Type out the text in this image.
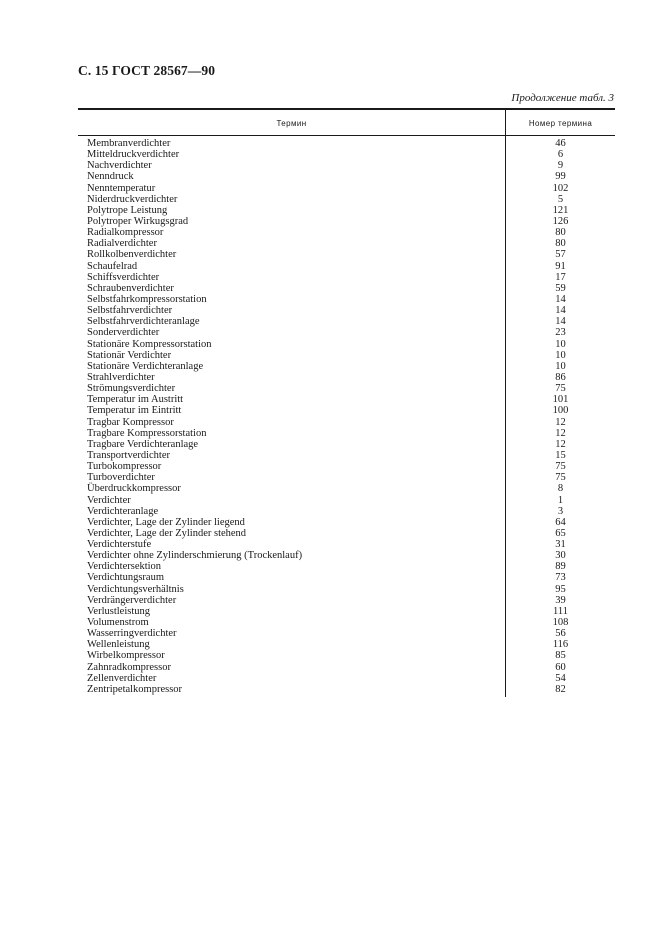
С. 15 ГОСТ 28567—90
Продолжение табл. 3
Термин	Номер термина
Membranverdichter	46
Mitteldruckverdichter	6
Nachverdichter	9
Nenndruck	99
Nenntemperatur	102
Niderdruckverdichter	5
Polytrope Leistung	121
Polytroper Wirkugsgrad	126
Radialkompressor	80
Radialverdichter	80
Rollkolbenverdichter	57
Schaufelrad	91
Schiffsverdichter	17
Schraubenverdichter	59
Selbstfahrkompressorstation	14
Selbstfahrverdichter	14
Selbstfahrverdichteranlage	14
Sonderverdichter	23
Stationäre Kompressorstation	10
Stationär Verdichter	10
Stationäre Verdichteranlage	10
Strahlverdichter	86
Strömungsverdichter	75
Temperatur im Austritt	101
Temperatur im Eintritt	100
Tragbar Kompressor	12
Tragbare Kompressorstation	12
Tragbare Verdichteranlage	12
Transportverdichter	15
Turbokompressor	75
Turboverdichter	75
Überdruckkompressor	8
Verdichter	1
Verdichteranlage	3
Verdichter, Lage der Zylinder liegend	64
Verdichter, Lage der Zylinder stehend	65
Verdichterstufe	31
Verdichter ohne Zylinderschmierung (Trockenlauf)	30
Verdichtersektion	89
Verdichtungsraum	73
Verdichtungsverhältnis	95
Verdrängerverdichter	39
Verlustleistung	111
Volumenstrom	108
Wasserringverdichter	56
Wellenleistung	116
Wirbelkompressor	85
Zahnradkompressor	60
Zellenverdichter	54
Zentripetalkompressor	82
